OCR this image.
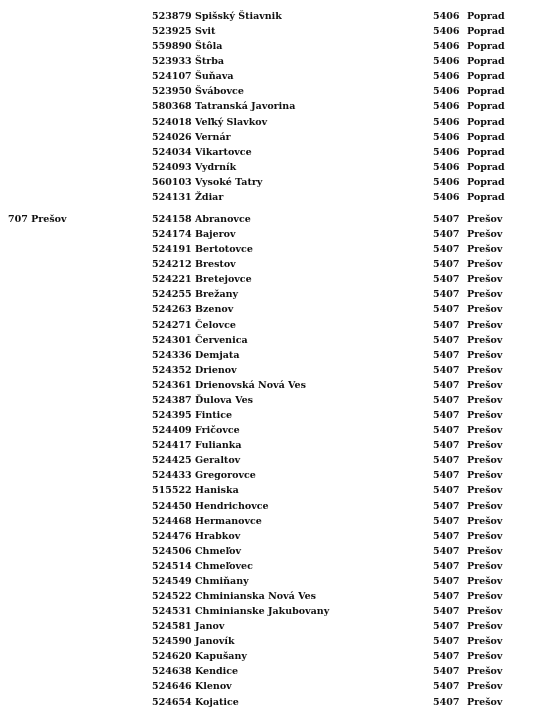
523879 Spišský Štiavnik	5406 Poprad
523925 Svit	5406 Poprad
559890 Štôla	5406 Poprad
523933 Štrba	5406 Poprad
524107 Šuňava	5406 Poprad
523950 Švábovce	5406 Poprad
580368 Tatranská Javorina	5406 Poprad
524018 Veľký Slavkov	5406 Poprad
524026 Vernár	5406 Poprad
524034 Vikartovce	5406 Poprad
524093 Vydrník	5406 Poprad
560103 Vysoké Tatry	5406 Poprad
524131 Ždiar	5406 Poprad
707 Prešov	524158 Abranovce	5407 Prešov
524174 Bajerov	5407 Prešov
524191 Bertotovce	5407 Prešov
524212 Brestov	5407 Prešov
524221 Bretejovce	5407 Prešov
524255 Brežany	5407 Prešov
524263 Bzenov	5407 Prešov
524271 Čelovce	5407 Prešov
524301 Červenica	5407 Prešov
524336 Demjata	5407 Prešov
524352 Drienov	5407 Prešov
524361 Drienovská Nová Ves	5407 Prešov
524387 Ďulova Ves	5407 Prešov
524395 Fintice	5407 Prešov
524409 Fričovce	5407 Prešov
524417 Fulianka	5407 Prešov
524425 Geraltov	5407 Prešov
524433 Gregorovce	5407 Prešov
515522 Haniska	5407 Prešov
524450 Hendrichovce	5407 Prešov
524468 Hermanovce	5407 Prešov
524476 Hrabkov	5407 Prešov
524506 Chmeľov	5407 Prešov
524514 Chmeľovec	5407 Prešov
524549 Chmiňany	5407 Prešov
524522 Chminianska Nová Ves	5407 Prešov
524531 Chminianske Jakubovany	5407 Prešov
524581 Janov	5407 Prešov
524590 Janovík	5407 Prešov
524620 Kapušany	5407 Prešov
524638 Kendice	5407 Prešov
524646 Klenov	5407 Prešov
524654 Kojatice	5407 Prešov
